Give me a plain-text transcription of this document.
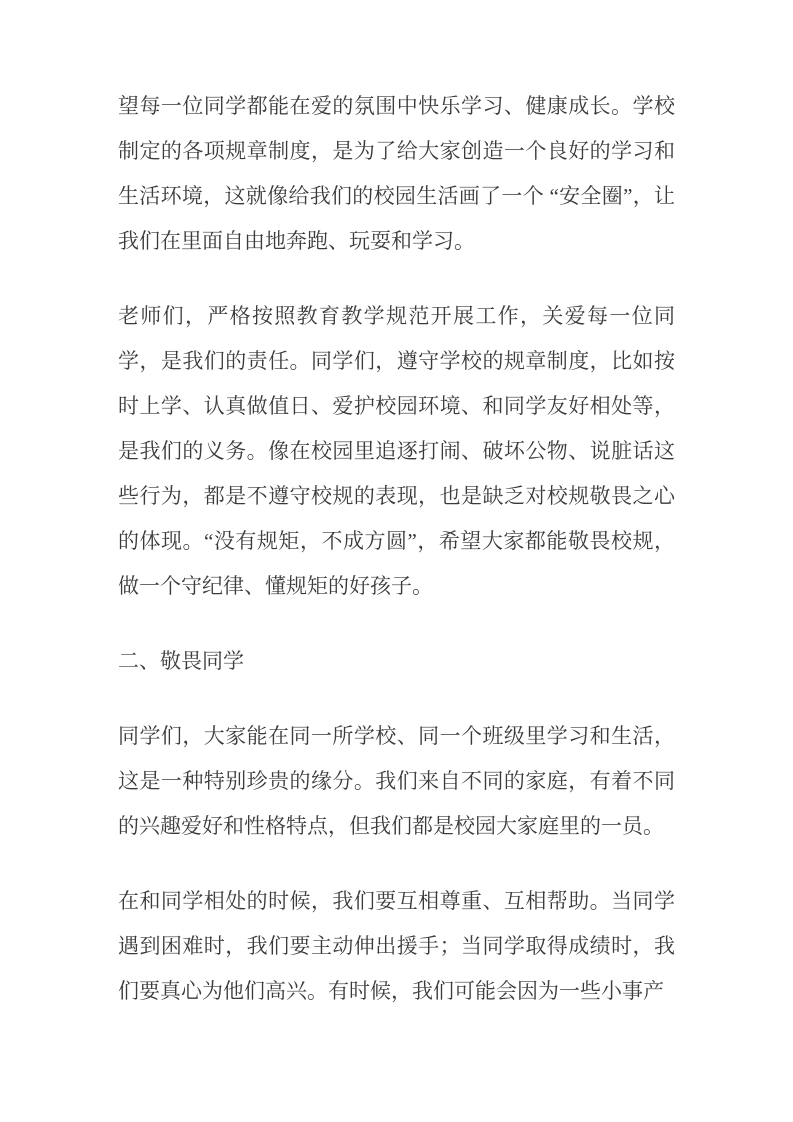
望每一位同学都能在爱的氛围中快乐学习、健康成长。学校制定的各项规章制度，是为了给大家创造一个良好的学习和生活环境，这就像给我们的校园生活画了一个 “安全圈”，让我们在里面自由地奔跑、玩耍和学习。

老师们，严格按照教育教学规范开展工作，关爱每一位同学，是我们的责任。同学们，遵守学校的规章制度，比如按时上学、认真做值日、爱护校园环境、和同学友好相处等，是我们的义务。像在校园里追逐打闹、破坏公物、说脏话这些行为，都是不遵守校规的表现，也是缺乏对校规敬畏之心的体现。“没有规矩，不成方圆”，希望大家都能敬畏校规，做一个守纪律、懂规矩的好孩子。

二、敬畏同学

同学们，大家能在同一所学校、同一个班级里学习和生活，这是一种特别珍贵的缘分。我们来自不同的家庭，有着不同的兴趣爱好和性格特点，但我们都是校园大家庭里的一员。

在和同学相处的时候，我们要互相尊重、互相帮助。当同学遇到困难时，我们要主动伸出援手；当同学取得成绩时，我们要真心为他们高兴。有时候，我们可能会因为一些小事产
